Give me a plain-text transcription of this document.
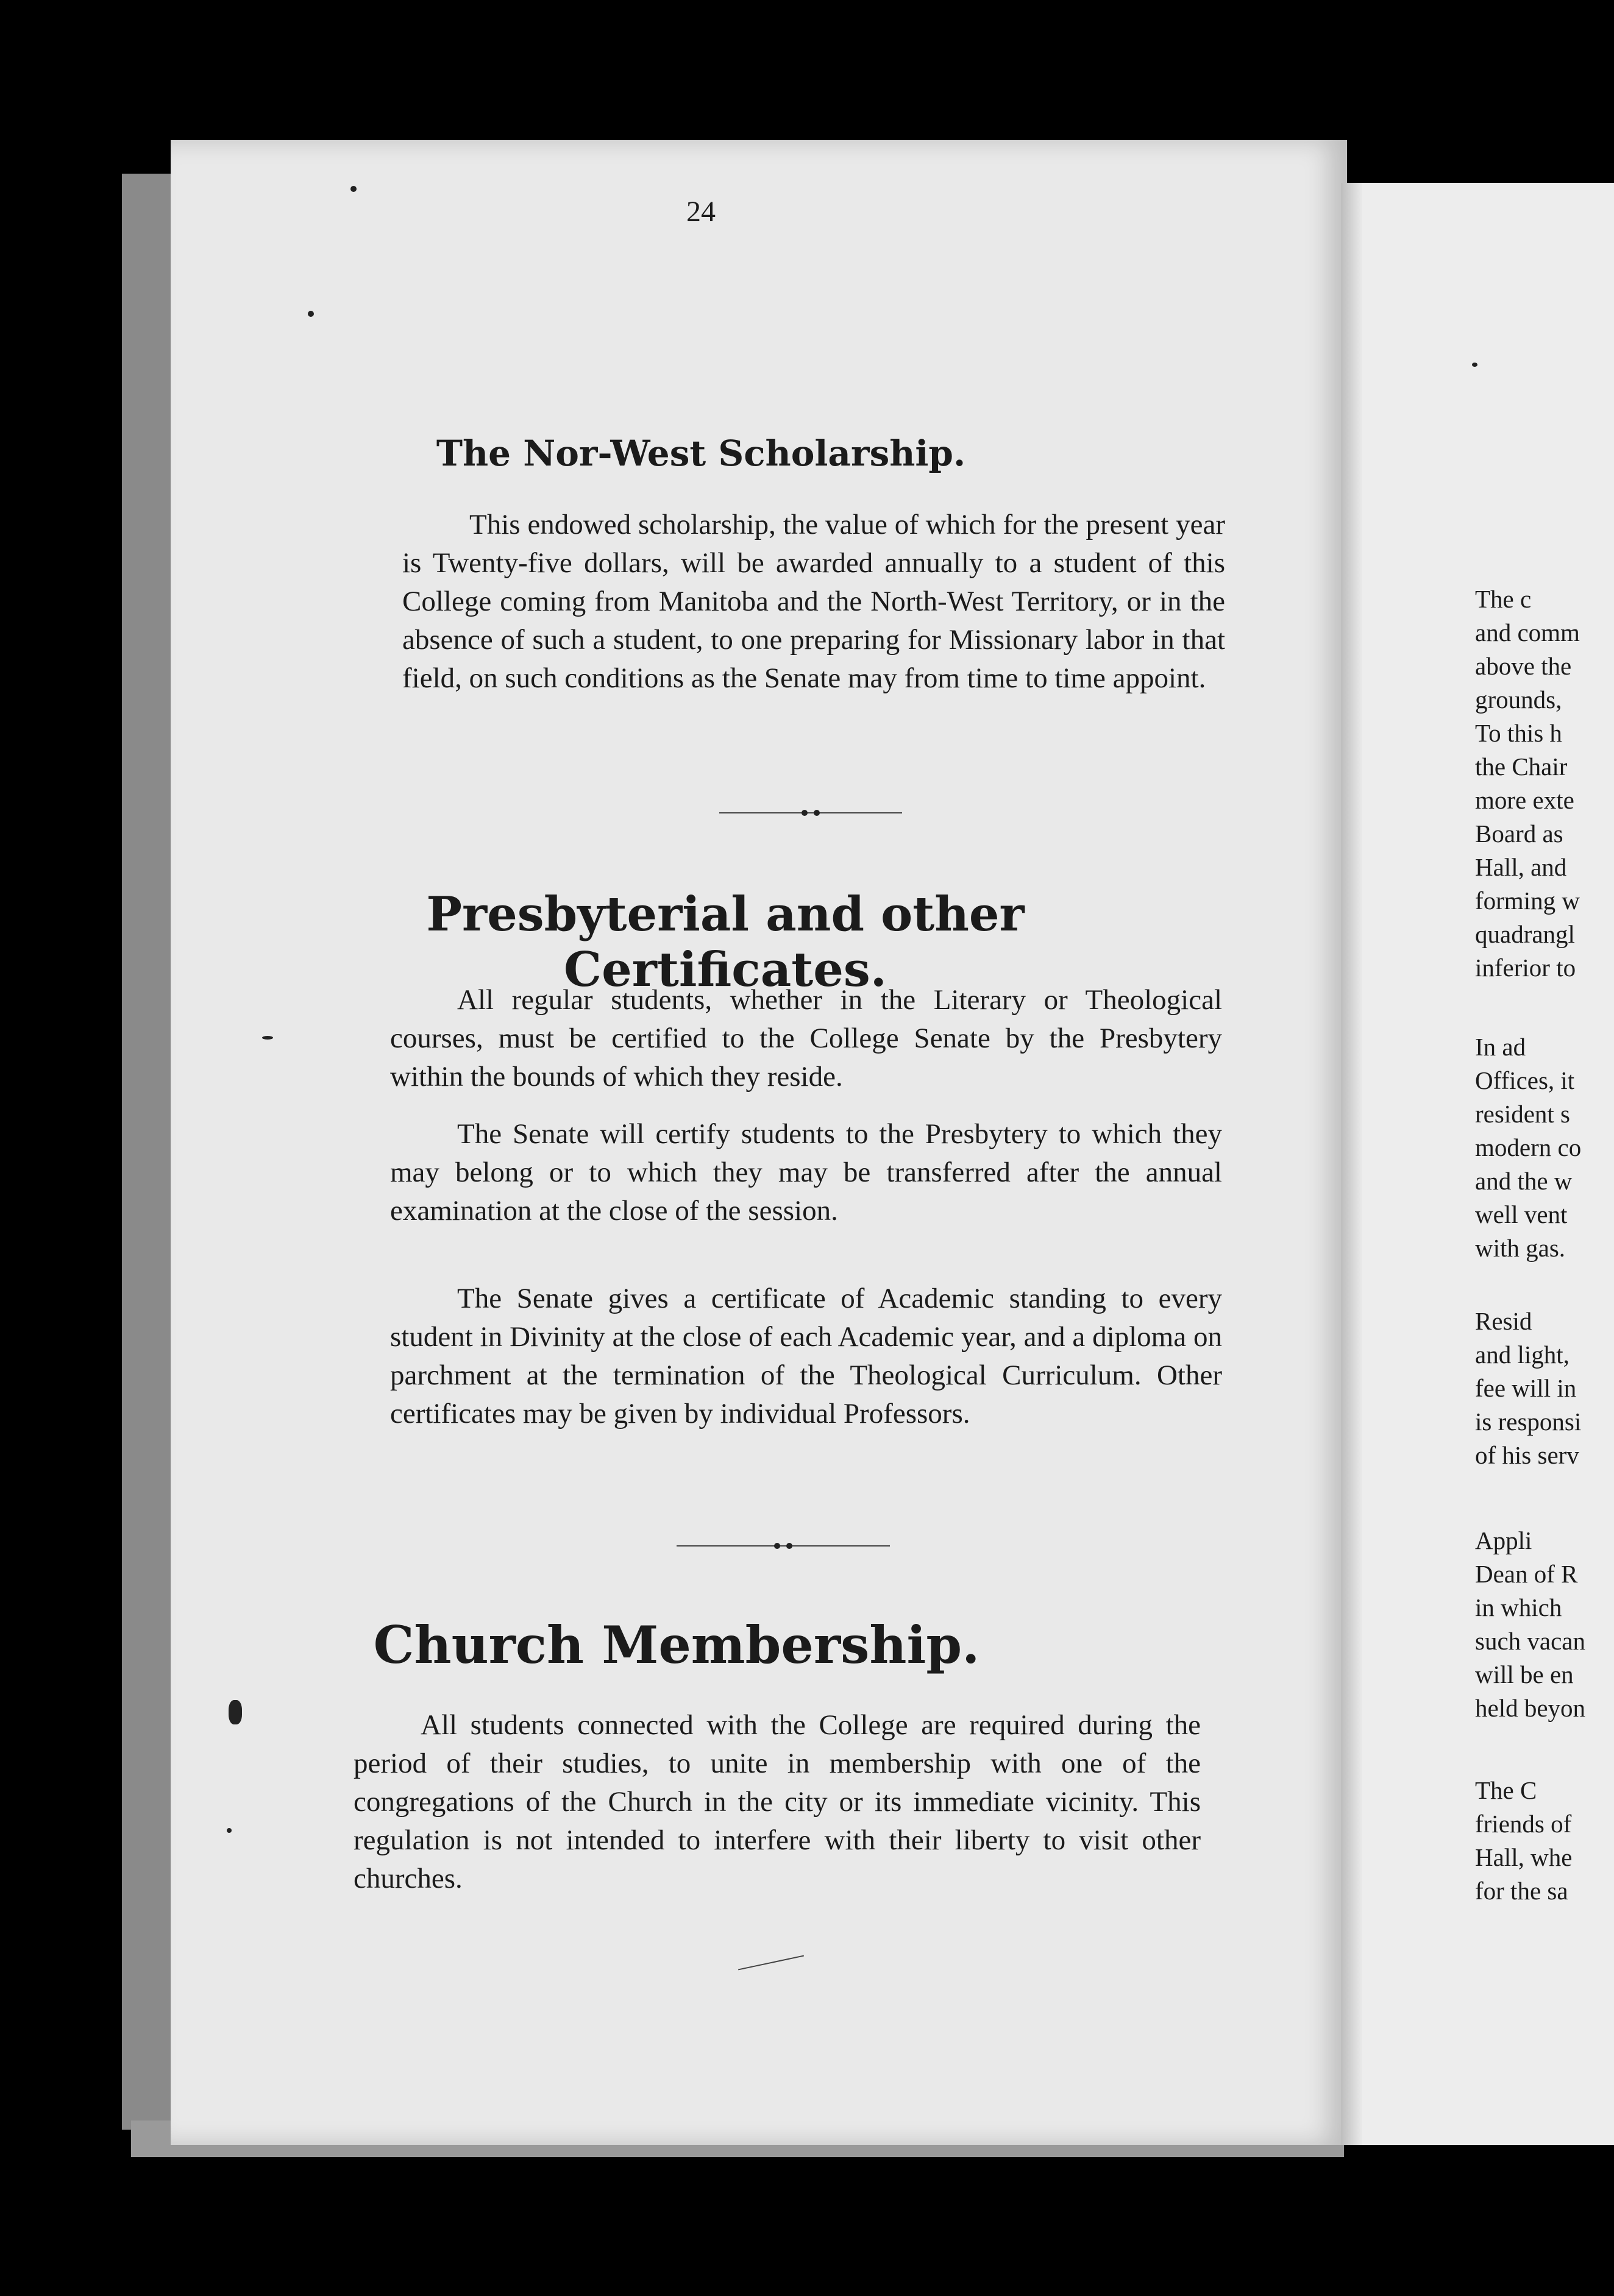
24
The Nor-West Scholarship.

This endowed scholarship, the value of which for the present year is Twenty-five dollars, will be awarded annually to a student of this College coming from Manitoba and the North-West Territory, or in the absence of such a student, to one preparing for Missionary labor in that field, on such conditions as the Senate may from time to time appoint.

Presbyterial and other Certificates.

All regular students, whether in the Literary or Theological courses, must be certified to the College Senate by the Presbytery within the bounds of which they reside.

The Senate will certify students to the Presbytery to which they may belong or to which they may be transferred after the annual examination at the close of the session.

The Senate gives a certificate of Academic standing to every student in Divinity at the close of each Academic year, and a diploma on parchment at the termination of the Theological Curriculum. Other certificates may be given by individual Professors.

Church Membership.

All students connected with the College are required during the period of their studies, to unite in membership with one of the congregations of the Church in the city or its immediate vicinity. This regulation is not intended to interfere with their liberty to visit other churches.

The c
and comm
above the
grounds,
To this h
the Chair
more exte
Board as
Hall, and
forming w
quadrangl
inferior to
In ad
Offices, it
resident s
modern co
and the w
well vent
with gas.
Resid
and light,
fee will in
is responsi
of his serv
Appli
Dean of R
in which
such vacan
will be en
held beyon
The C
friends of
Hall, whe
for the sa
